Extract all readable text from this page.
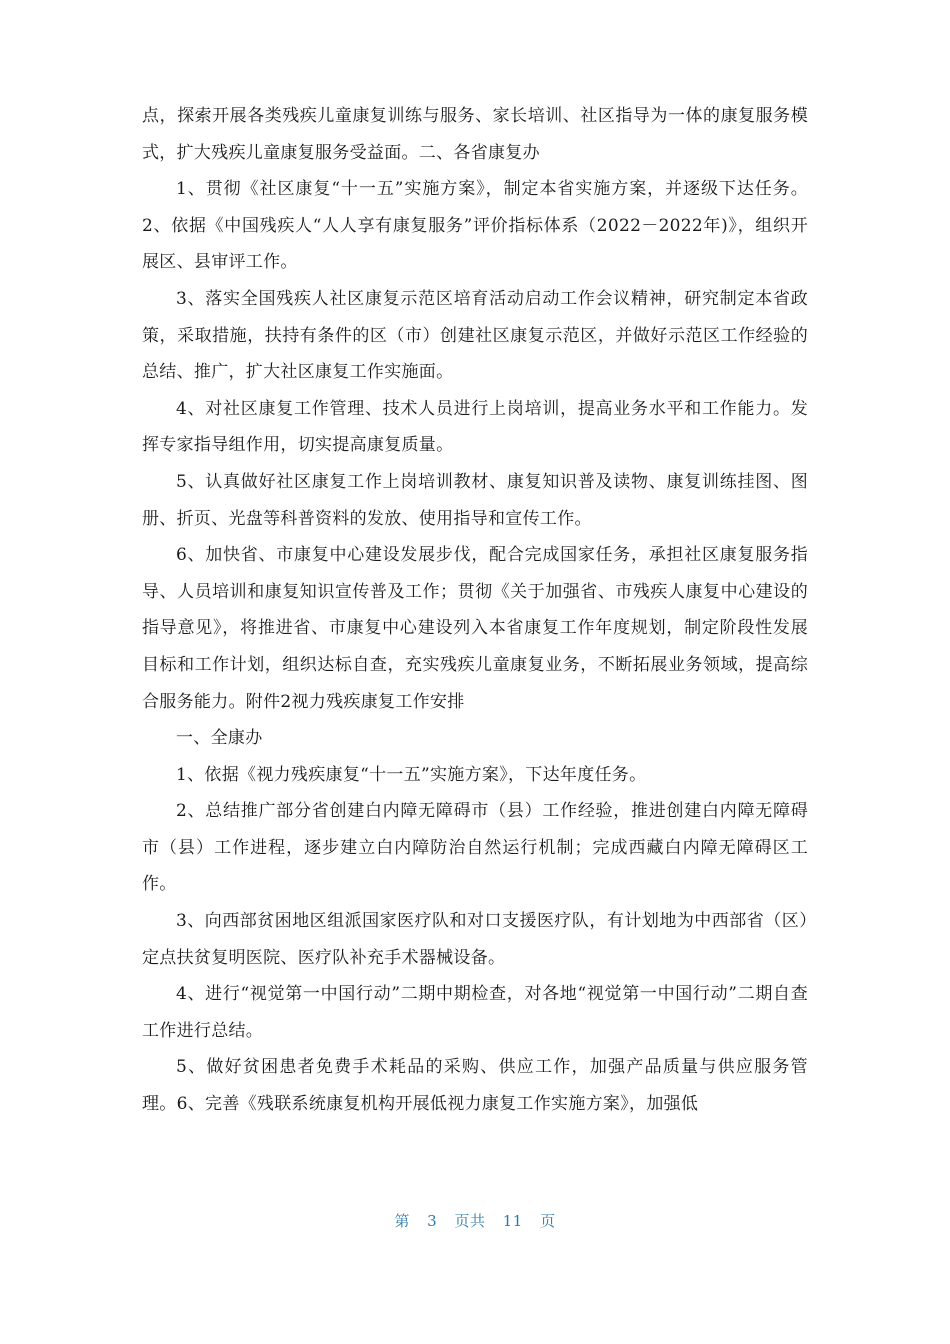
点，探索开展各类残疾儿童康复训练与服务、家长培训、社区指导为一体的康复服务模式，扩大残疾儿童康复服务受益面。二、各省康复办

1、贯彻《社区康复“十一五”实施方案》，制定本省实施方案，并逐级下达任务。2、依据《中国残疾人“人人享有康复服务”评价指标体系（2022－2022年)》，组织开展区、县审评工作。

3、落实全国残疾人社区康复示范区培育活动启动工作会议精神，研究制定本省政策，采取措施，扶持有条件的区（市）创建社区康复示范区，并做好示范区工作经验的总结、推广，扩大社区康复工作实施面。

4、对社区康复工作管理、技术人员进行上岗培训，提高业务水平和工作能力。发挥专家指导组作用，切实提高康复质量。

5、认真做好社区康复工作上岗培训教材、康复知识普及读物、康复训练挂图、图册、折页、光盘等科普资料的发放、使用指导和宣传工作。

6、加快省、市康复中心建设发展步伐，配合完成国家任务，承担社区康复服务指导、人员培训和康复知识宣传普及工作；贯彻《关于加强省、市残疾人康复中心建设的指导意见》，将推进省、市康复中心建设列入本省康复工作年度规划，制定阶段性发展目标和工作计划，组织达标自查，充实残疾儿童康复业务，不断拓展业务领域，提高综合服务能力。附件2视力残疾康复工作安排

一、全康办

1、依据《视力残疾康复“十一五”实施方案》，下达年度任务。

2、总结推广部分省创建白内障无障碍市（县）工作经验，推进创建白内障无障碍市（县）工作进程，逐步建立白内障防治自然运行机制；完成西藏白内障无障碍区工作。

3、向西部贫困地区组派国家医疗队和对口支援医疗队，有计划地为中西部省（区）定点扶贫复明医院、医疗队补充手术器械设备。

4、进行“视觉第一中国行动”二期中期检查，对各地“视觉第一中国行动”二期自查工作进行总结。

5、做好贫困患者免费手术耗品的采购、供应工作，加强产品质量与供应服务管理。6、完善《残联系统康复机构开展低视力康复工作实施方案》，加强低

第 3 页共 11 页
